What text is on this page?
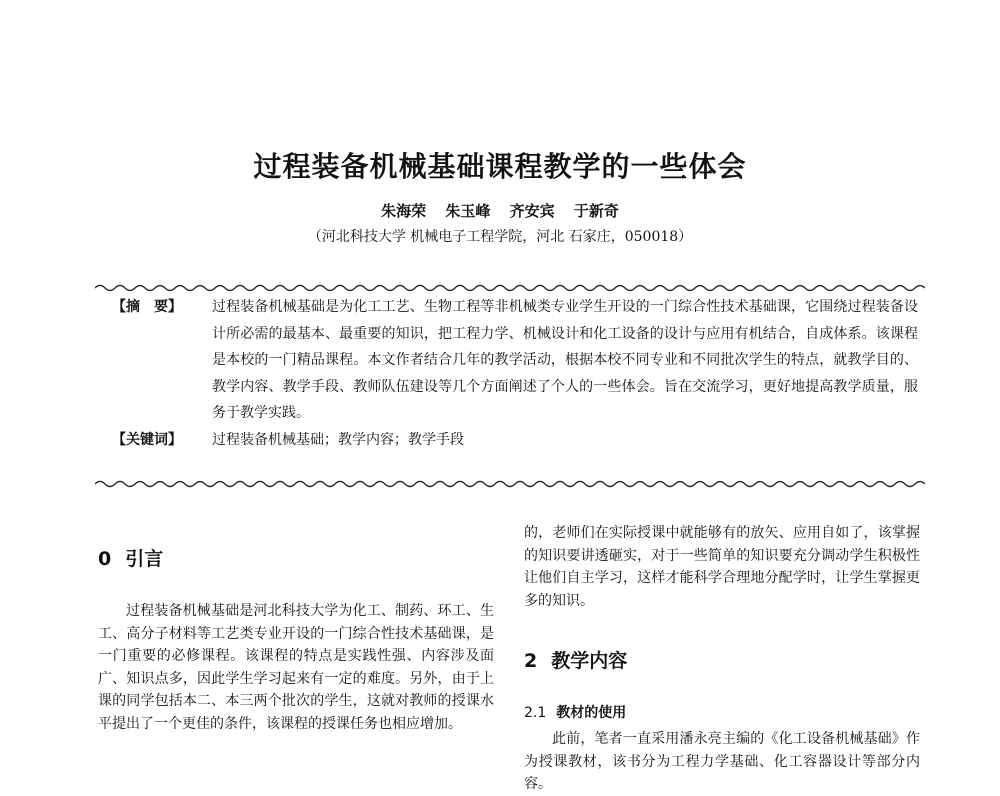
过程装备机械基础课程教学的一些体会
朱海荣 朱玉峰 齐安宾 于新奇
（河北科技大学 机械电子工程学院，河北 石家庄，050018）
【摘　要】	过程装备机械基础是为化工工艺、生物工程等非机械类专业学生开设的一门综合性技术基础课，它围绕过程装备设计所必需的最基本、最重要的知识，把工程力学、机械设计和化工设备的设计与应用有机结合，自成体系。该课程是本校的一门精品课程。本文作者结合几年的教学活动，根据本校不同专业和不同批次学生的特点，就教学目的、教学内容、教学手段、教师队伍建设等几个方面阐述了个人的一些体会。旨在交流学习，更好地提高教学质量，服务于教学实践。
【关键词】	过程装备机械基础；教学内容；教学手段
0 引言

过程装备机械基础是河北科技大学为化工、制药、环工、生工、高分子材料等工艺类专业开设的一门综合性技术基础课，是一门重要的必修课程。该课程的特点是实践性强、内容涉及面广、知识点多，因此学生学习起来有一定的难度。另外，由于上课的同学包括本二、本三两个批次的学生，这就对教师的授课水平提出了一个更佳的条件，该课程的授课任务也相应增加。

的，老师们在实际授课中就能够有的放矢、应用自如了，该掌握的知识要讲透砸实，对于一些简单的知识要充分调动学生积极性让他们自主学习，这样才能科学合理地分配学时，让学生掌握更多的知识。

2 教学内容
2.1 教材的使用

此前，笔者一直采用潘永亮主编的《化工设备机械基础》作为授课教材，该书分为工程力学基础、化工容器设计等部分内容。
